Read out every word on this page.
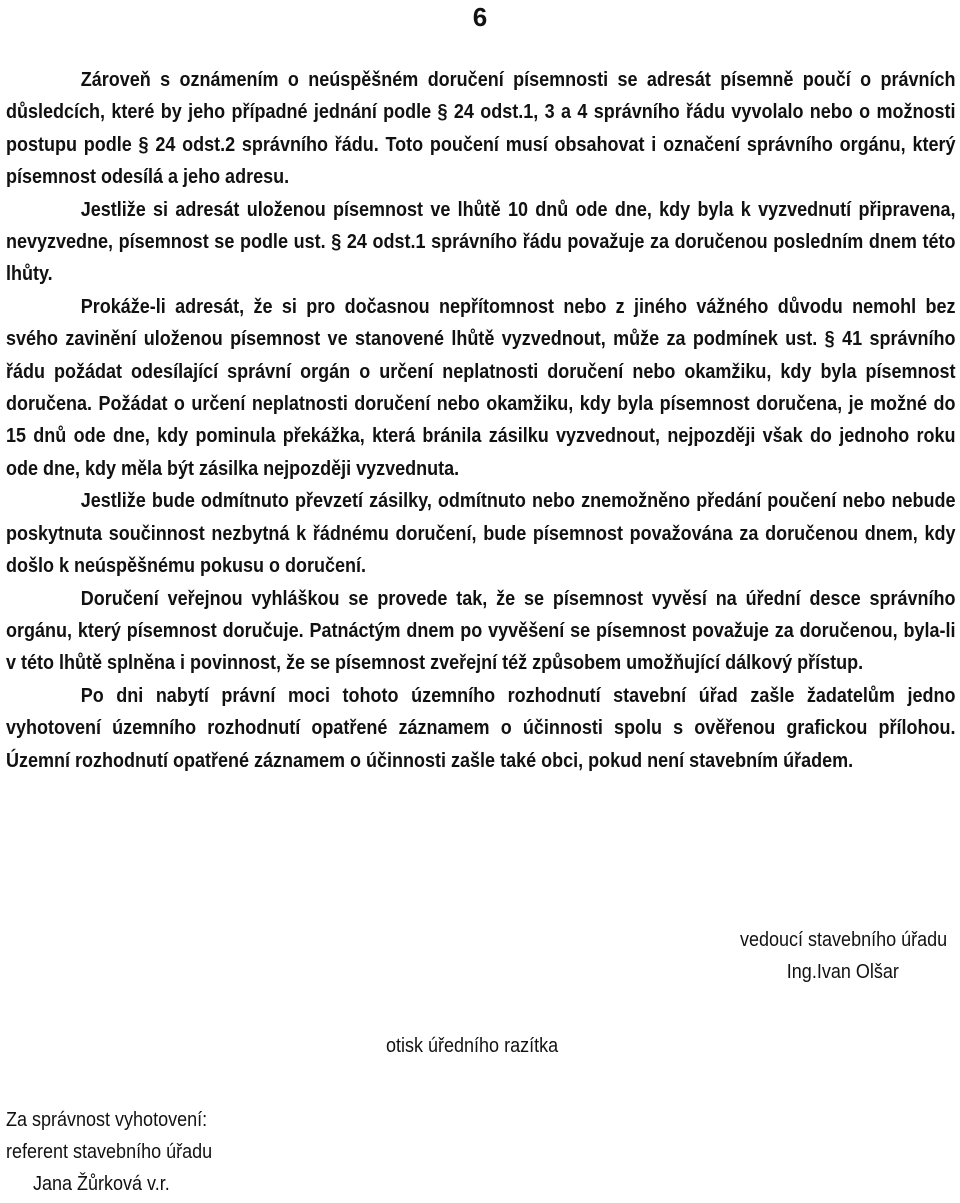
6

Zároveň s oznámením o neúspěšném doručení písemnosti se adresát písemně poučí o právních důsledcích, které by jeho případné jednání podle § 24 odst.1, 3 a 4 správního řádu vyvolalo nebo o možnosti postupu podle § 24 odst.2 správního řádu. Toto poučení musí obsahovat i označení správního orgánu, který písemnost odesílá a jeho adresu.

Jestliže si adresát uloženou písemnost ve lhůtě 10 dnů ode dne, kdy byla k vyzvednutí připravena, nevyzvedne, písemnost se podle ust. § 24 odst.1 správního řádu považuje za doručenou posledním dnem této lhůty.

Prokáže-li adresát, že si pro dočasnou nepřítomnost nebo z jiného vážného důvodu nemohl bez svého zavinění uloženou písemnost ve stanovené lhůtě vyzvednout, může za podmínek ust. § 41 správního řádu požádat odesílající správní orgán o určení neplatnosti doručení nebo okamžiku, kdy byla písemnost doručena. Požádat o určení neplatnosti doručení nebo okamžiku, kdy byla písemnost doručena, je možné do 15 dnů ode dne, kdy pominula překážka, která bránila zásilku vyzvednout, nejpozději však do jednoho roku ode dne, kdy měla být zásilka nejpozději vyzvednuta.

Jestliže bude odmítnuto převzetí zásilky, odmítnuto nebo znemožněno předání poučení nebo nebude poskytnuta součinnost nezbytná k řádnému doručení, bude písemnost považována za doručenou dnem, kdy došlo k neúspěšnému pokusu o doručení.

Doručení veřejnou vyhláškou se provede tak, že se písemnost vyvěsí na úřední desce správního orgánu, který písemnost doručuje. Patnáctým dnem po vyvěšení se písemnost považuje za doručenou, byla-li v této lhůtě splněna i povinnost, že se písemnost zveřejní též způsobem umožňující dálkový přístup.

Po dni nabytí právní moci tohoto územního rozhodnutí stavební úřad zašle žadatelům jedno vyhotovení územního rozhodnutí opatřené záznamem o účinnosti spolu s ověřenou grafickou přílohou. Územní rozhodnutí opatřené záznamem o účinnosti zašle také obci, pokud není stavebním úřadem.

vedoucí stavebního úřadu
Ing.Ivan Olšar
otisk úředního razítka
Za správnost vyhotovení:
referent stavebního úřadu
Jana Žůrková v.r.
